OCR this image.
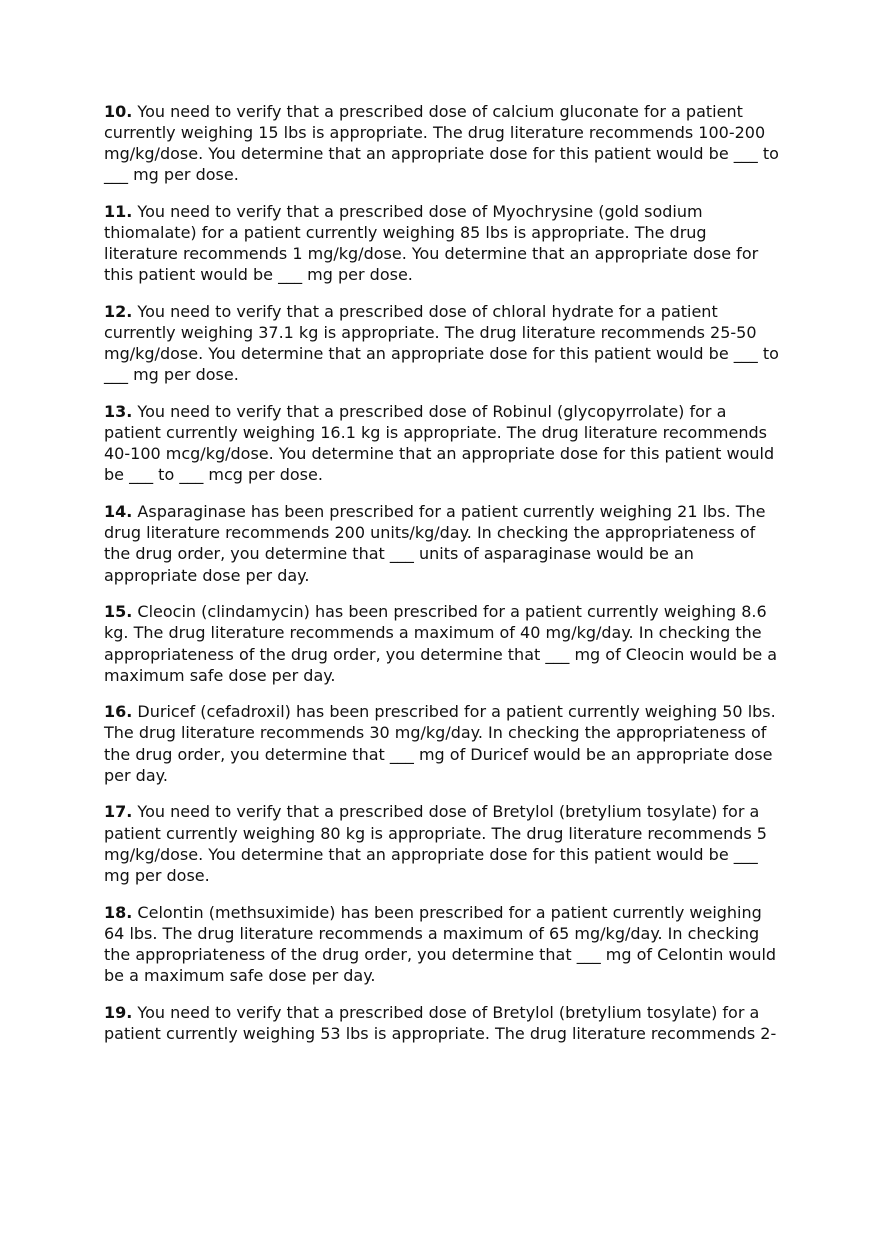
10. You need to verify that a prescribed dose of calcium gluconate for a patient
currently weighing 15 lbs is appropriate. The drug literature recommends 100-200
mg/kg/dose. You determine that an appropriate dose for this patient would be ___ to
___ mg per dose.
11. You need to verify that a prescribed dose of Myochrysine (gold sodium
thiomalate) for a patient currently weighing 85 lbs is appropriate. The drug
literature recommends 1 mg/kg/dose. You determine that an appropriate dose for
this patient would be ___ mg per dose.
12. You need to verify that a prescribed dose of chloral hydrate for a patient
currently weighing 37.1 kg is appropriate. The drug literature recommends 25-50
mg/kg/dose. You determine that an appropriate dose for this patient would be ___ to
___ mg per dose.
13. You need to verify that a prescribed dose of Robinul (glycopyrrolate) for a
patient currently weighing 16.1 kg is appropriate. The drug literature recommends
40-100 mcg/kg/dose. You determine that an appropriate dose for this patient would
be ___ to ___ mcg per dose.
14. Asparaginase has been prescribed for a patient currently weighing 21 lbs. The
drug literature recommends 200 units/kg/day. In checking the appropriateness of
the drug order, you determine that ___ units of asparaginase would be an
appropriate dose per day.
15. Cleocin (clindamycin) has been prescribed for a patient currently weighing 8.6
kg. The drug literature recommends a maximum of 40 mg/kg/day. In checking the
appropriateness of the drug order, you determine that ___ mg of Cleocin would be a
maximum safe dose per day.
16. Duricef (cefadroxil) has been prescribed for a patient currently weighing 50 lbs.
The drug literature recommends 30 mg/kg/day. In checking the appropriateness of
the drug order, you determine that ___ mg of Duricef would be an appropriate dose
per day.
17. You need to verify that a prescribed dose of Bretylol (bretylium tosylate) for a
patient currently weighing 80 kg is appropriate. The drug literature recommends 5
mg/kg/dose. You determine that an appropriate dose for this patient would be ___
mg per dose.
18. Celontin (methsuximide) has been prescribed for a patient currently weighing
64 lbs. The drug literature recommends a maximum of 65 mg/kg/day. In checking
the appropriateness of the drug order, you determine that ___ mg of Celontin would
be a maximum safe dose per day.
19. You need to verify that a prescribed dose of Bretylol (bretylium tosylate) for a
patient currently weighing 53 lbs is appropriate. The drug literature recommends 2-
